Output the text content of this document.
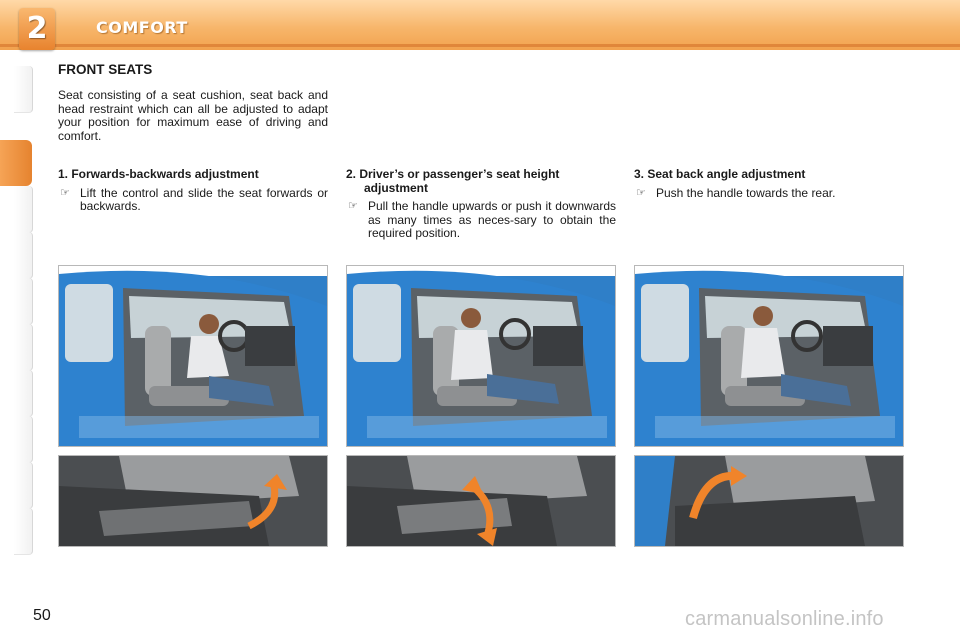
2	COMFORT
FRONT SEATS
Seat consisting of a seat cushion, seat back and head restraint which can all be adjusted to adapt your position for maximum ease of driving and comfort.
1. Forwards-backwards adjustment
☞ Lift the control and slide the seat forwards or backwards.
2. Driver’s or passenger’s seat height adjustment
☞ Pull the handle upwards or push it downwards as many times as neces-sary to obtain the required position.
3. Seat back angle adjustment
☞ Push the handle towards the rear.
50	carmanualsonline.info
